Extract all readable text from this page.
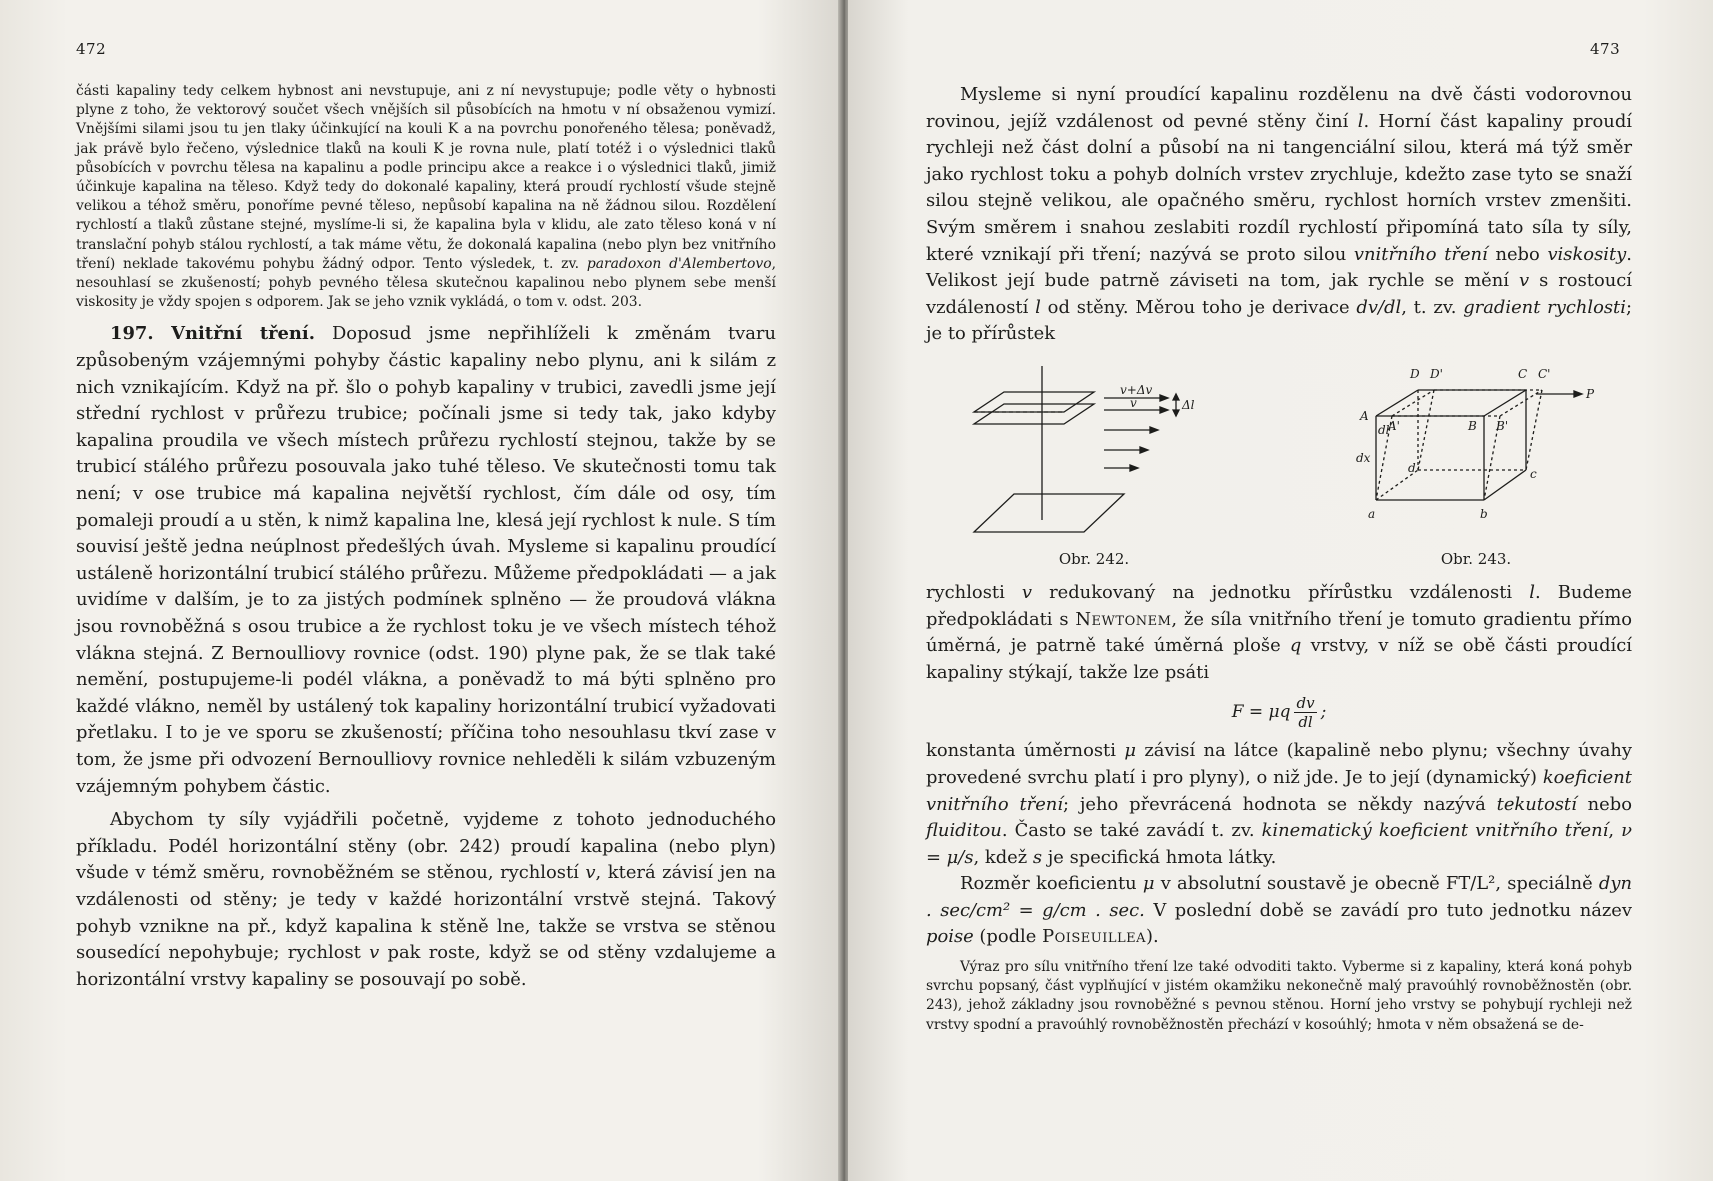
472

části kapaliny tedy celkem hybnost ani nevstupuje, ani z ní nevystupuje; podle věty o hybnosti plyne z toho, že vektorový součet všech vnějších sil působících na hmotu v ní obsaženou vymizí. Vnějšími silami jsou tu jen tlaky účinkující na kouli K a na povrchu ponořeného tělesa; poněvadž, jak právě bylo řečeno, výslednice tlaků na kouli K je rovna nule, platí totéž i o výslednici tlaků působících v povrchu tělesa na kapalinu a podle principu akce a reakce i o výslednici tlaků, jimiž účinkuje kapalina na těleso. Když tedy do dokonalé kapaliny, která proudí rychlostí všude stejně velikou a téhož směru, ponoříme pevné těleso, nepůsobí kapalina na ně žádnou silou. Rozdělení rychlostí a tlaků zůstane stejné, myslíme-li si, že kapalina byla v klidu, ale zato těleso koná v ní translační pohyb stálou rychlostí, a tak máme větu, že dokonalá kapalina (nebo plyn bez vnitřního tření) neklade takovému pohybu žádný odpor. Tento výsledek, t. zv. paradoxon d'Alembertovo, nesouhlasí se zkušeností; pohyb pevného tělesa skutečnou kapalinou nebo plynem sebe menší viskosity je vždy spojen s odporem. Jak se jeho vznik vykládá, o tom v. odst. 203.

197. Vnitřní tření. Doposud jsme nepřihlíželi k změnám tvaru způsobeným vzájemnými pohyby částic kapaliny nebo plynu, ani k silám z nich vznikajícím. Když na př. šlo o pohyb kapaliny v trubici, zavedli jsme její střední rychlost v průřezu trubice; počínali jsme si tedy tak, jako kdyby kapalina proudila ve všech místech průřezu rychlostí stejnou, takže by se trubicí stálého průřezu posouvala jako tuhé těleso. Ve skutečnosti tomu tak není; v ose trubice má kapalina největší rychlost, čím dále od osy, tím pomaleji proudí a u stěn, k nimž kapalina lne, klesá její rychlost k nule. S tím souvisí ještě jedna neúplnost předešlých úvah. Mysleme si kapalinu proudící ustáleně horizontální trubicí stálého průřezu. Můžeme předpokládati — a jak uvidíme v dalším, je to za jistých podmínek splněno — že proudová vlákna jsou rovnoběžná s osou trubice a že rychlost toku je ve všech místech téhož vlákna stejná. Z Bernoulliovy rovnice (odst. 190) plyne pak, že se tlak také nemění, postupujeme-li podél vlákna, a poněvadž to má býti splněno pro každé vlákno, neměl by ustálený tok kapaliny horizontální trubicí vyžadovati přetlaku. I to je ve sporu se zkušeností; příčina toho nesouhlasu tkví zase v tom, že jsme při odvození Bernoulliovy rovnice nehleděli k silám vzbuzeným vzájemným pohybem částic.

Abychom ty síly vyjádřili početně, vyjdeme z tohoto jednoduchého příkladu. Podél horizontální stěny (obr. 242) proudí kapalina (nebo plyn) všude v témž směru, rovnoběžném se stěnou, rychlostí v, která závisí jen na vzdálenosti od stěny; je tedy v každé horizontální vrstvě stejná. Takový pohyb vznikne na př., když kapalina k stěně lne, takže se vrstva se stěnou sousedící nepohybuje; rychlost v pak roste, když se od stěny vzdalujeme a horizontální vrstvy kapaliny se posouvají po sobě.

473

Mysleme si nyní proudící kapalinu rozdělenu na dvě části vodorovnou rovinou, jejíž vzdálenost od pevné stěny činí l. Horní část kapaliny proudí rychleji než část dolní a působí na ni tangenciální silou, která má týž směr jako rychlost toku a pohyb dolních vrstev zrychluje, kdežto zase tyto se snaží silou stejně velikou, ale opačného směru, rychlost horních vrstev zmenšiti. Svým směrem i snahou zeslabiti rozdíl rychlostí připomíná tato síla ty síly, které vznikají při tření; nazývá se proto silou vnitřního tření nebo viskosity. Velikost její bude patrně záviseti na tom, jak rychle se mění v s rostoucí vzdáleností l od stěny. Měrou toho je derivace dv/dl, t. zv. gradient rychlosti; je to přírůstek

v+Δv
v	Δl
Obr. 242.
D D'	C C'
P
A
A'	B B'
dl
dx
d
a	b
c
Obr. 243.

rychlosti v redukovaný na jednotku přírůstku vzdálenosti l. Budeme předpokládati s Newtonem, že síla vnitřního tření je tomuto gradientu přímo úměrná, je patrně také úměrná ploše q vrstvy, v níž se obě části proudící kapaliny stýkají, takže lze psáti

F = μq $\frac{dv}{dl}$ ;

konstanta úměrnosti μ závisí na látce (kapalině nebo plynu; všechny úvahy provedené svrchu platí i pro plyny), o niž jde. Je to její (dynamický) koeficient vnitřního tření; jeho převrácená hodnota se někdy nazývá tekutostí nebo fluiditou. Často se také zavádí t. zv. kinematický koeficient vnitřního tření, ν = μ/s, kdež s je specifická hmota látky.

Rozměr koeficientu μ v absolutní soustavě je obecně FT/L², speciálně dyn . sec/cm² = g/cm . sec. V poslední době se zavádí pro tuto jednotku název poise (podle Poiseuillea).

Výraz pro sílu vnitřního tření lze také odvoditi takto. Vyberme si z kapaliny, která koná pohyb svrchu popsaný, část vyplňující v jistém okamžiku nekonečně malý pravoúhlý rovnoběžnostěn (obr. 243), jehož základny jsou rovnoběžné s pevnou stěnou. Horní jeho vrstvy se pohybují rychleji než vrstvy spodní a pravoúhlý rovnoběžnostěn přechází v kosoúhlý; hmota v něm obsažená se de-
